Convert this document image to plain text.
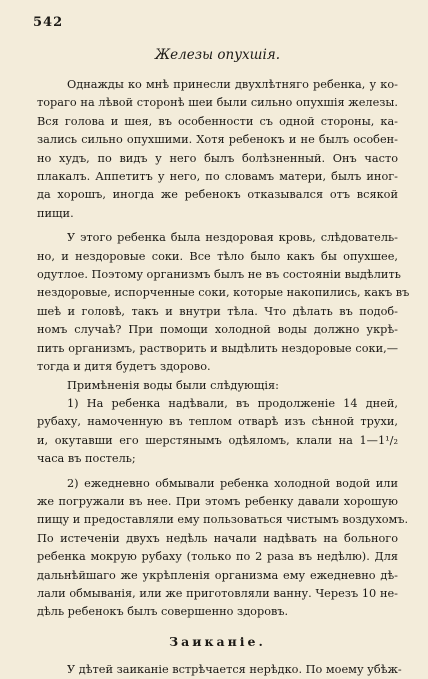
542
Железы опухшія.
Однажды ко мнѣ принесли двухлѣтняго ребенка, у ко-
тораго на лѣвой сторонѣ шеи были сильно опухшія железы.
Вся голова и шея, въ особенности съ одной стороны, ка-
зались сильно опухшими. Хотя ребенокъ и не былъ особен-
но худъ, по видъ у него былъ болѣзненный. Онъ часто
плакалъ. Аппетитъ у него, по словамъ матери, былъ иног-
да хорошъ, иногда же ребенокъ отказывался отъ всякой
пищи.
У этого ребенка была нездоровая кровь, слѣдователь-
но, и нездоровые соки. Все тѣло было какъ бы опухшее,
одутлое. Поэтому организмъ былъ не въ состояніи выдѣлить
нездоровые, испорченные соки, которые накопились, какъ въ
шеѣ и головѣ, такъ и внутри тѣла. Что дѣлать въ подоб-
номъ случаѣ? При помощи холодной воды должно укрѣ-
пить организмъ, растворить и выдѣлить нездоровые соки,—
тогда и дитя будетъ здорово.
Примѣненія воды были слѣдующія:
1) На ребенка надѣвали, въ продолженіе 14 дней,
рубаху, намоченную въ теплом отварѣ изъ сѣнной трухи,
и, окутавши его шерстянымъ одѣяломъ, клали на 1—1¹/₂
часа въ постель;
2) ежедневно обмывали ребенка холодной водой или
же погружали въ нее. При этомъ ребенку давали хорошую
пищу и предоставляли ему пользоваться чистымъ воздухомъ.
По истеченіи двухъ недѣль начали надѣвать на больного
ребенка мокрую рубаху (только по 2 раза въ недѣлю). Для
дальнѣйшаго же укрѣпленія организма ему ежедневно дѣ-
лали обмыванія, или же приготовляли ванну. Черезъ 10 не-
дѣль ребенокъ былъ совершенно здоровъ.
Заиканіе.
У дѣтей заиканіе встрѣчается нерѣдко. По моему убѣж-
